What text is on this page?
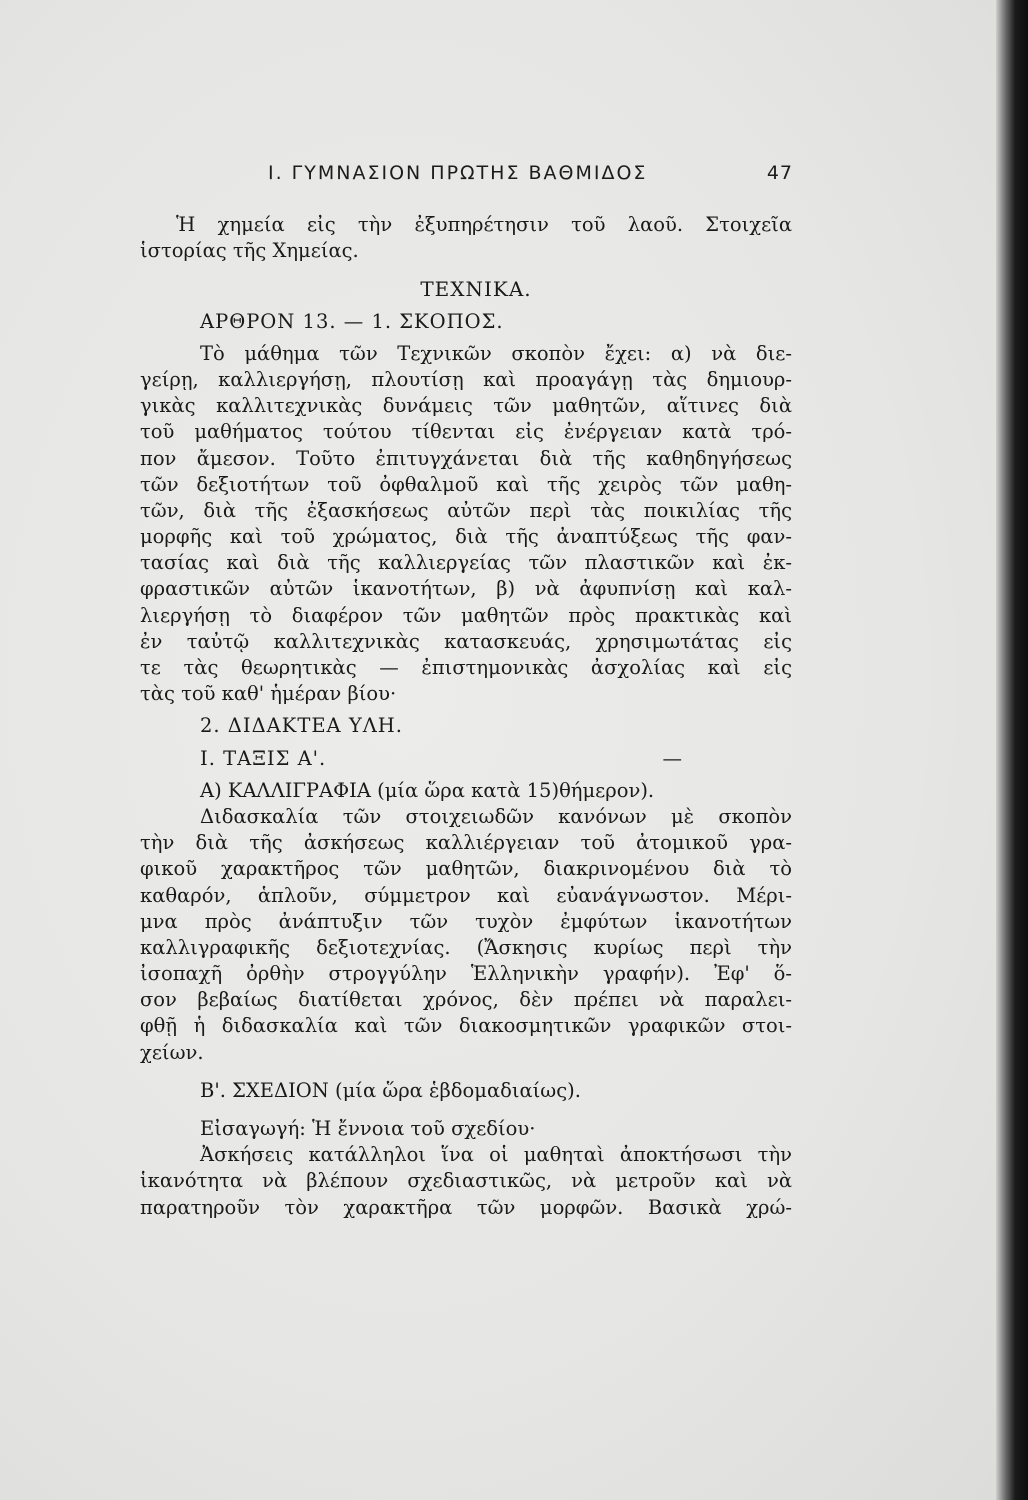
Ι. ΓΥΜΝΑΣΙΟΝ ΠΡΩΤΗΣ ΒΑΘΜΙΔΟΣ	47
Ἡ χημεία εἰς τὴν ἐξυπηρέτησιν τοῦ λαοῦ. Στοιχεῖα
ἱστορίας τῆς Χημείας.
ΤΕΧΝΙΚΑ.
ΑΡΘΡΟΝ 13. — 1. ΣΚΟΠΟΣ.
Τὸ μάθημα τῶν Τεχνικῶν σκοπὸν ἔχει: α) νὰ διε-
γείρῃ, καλλιεργήσῃ, πλουτίσῃ καὶ προαγάγῃ τὰς δημιουρ-
γικὰς καλλιτεχνικὰς δυνάμεις τῶν μαθητῶν, αἵτινες διὰ
τοῦ μαθήματος τούτου τίθενται εἰς ἐνέργειαν κατὰ τρό-
πον ἄμεσον. Τοῦτο ἐπιτυγχάνεται διὰ τῆς καθηδηγήσεως
τῶν δεξιοτήτων τοῦ ὀφθαλμοῦ καὶ τῆς χειρὸς τῶν μαθη-
τῶν, διὰ τῆς ἐξασκήσεως αὐτῶν περὶ τὰς ποικιλίας τῆς
μορφῆς καὶ τοῦ χρώματος, διὰ τῆς ἀναπτύξεως τῆς φαν-
τασίας καὶ διὰ τῆς καλλιεργείας τῶν πλαστικῶν καὶ ἐκ-
φραστικῶν αὐτῶν ἱκανοτήτων, β) νὰ ἀφυπνίσῃ καὶ καλ-
λιεργήσῃ τὸ διαφέρον τῶν μαθητῶν πρὸς πρακτικὰς καὶ
ἐν ταὐτῷ καλλιτεχνικὰς κατασκευάς, χρησιμωτάτας εἰς
τε τὰς θεωρητικὰς — ἐπιστημονικὰς ἀσχολίας καὶ εἰς
τὰς τοῦ καθ' ἡμέραν βίου·
2. ΔΙΔΑΚΤΕΑ ΥΛΗ.
Ι. ΤΑΞΙΣ Α'.	—
Α) ΚΑΛΛΙΓΡΑΦΙΑ (μία ὥρα κατὰ 15)θήμερον).
Διδασκαλία τῶν στοιχειωδῶν κανόνων μὲ σκοπὸν
τὴν διὰ τῆς ἀσκήσεως καλλιέργειαν τοῦ ἀτομικοῦ γρα-
φικοῦ χαρακτῆρος τῶν μαθητῶν, διακρινομένου διὰ τὸ
καθαρόν, ἁπλοῦν, σύμμετρον καὶ εὐανάγνωστον. Μέρι-
μνα πρὸς ἀνάπτυξιν τῶν τυχὸν ἐμφύτων ἱκανοτήτων
καλλιγραφικῆς δεξιοτεχνίας. (Ἄσκησις κυρίως περὶ τὴν
ἰσοπαχῆ ὀρθὴν στρογγύλην Ἑλληνικὴν γραφήν). Ἐφ' ὅ-
σον βεβαίως διατίθεται χρόνος, δὲν πρέπει νὰ παραλει-
φθῇ ἡ διδασκαλία καὶ τῶν διακοσμητικῶν γραφικῶν στοι-
χείων.
Β'. ΣΧΕΔΙΟΝ (μία ὥρα ἑβδομαδιαίως).
Εἰσαγωγή: Ἡ ἔννοια τοῦ σχεδίου·
Ἀσκήσεις κατάλληλοι ἵνα οἱ μαθηταὶ ἀποκτήσωσι τὴν
ἱκανότητα νὰ βλέπουν σχεδιαστικῶς, νὰ μετροῦν καὶ νὰ
παρατηροῦν τὸν χαρακτῆρα τῶν μορφῶν. Βασικὰ χρώ-
